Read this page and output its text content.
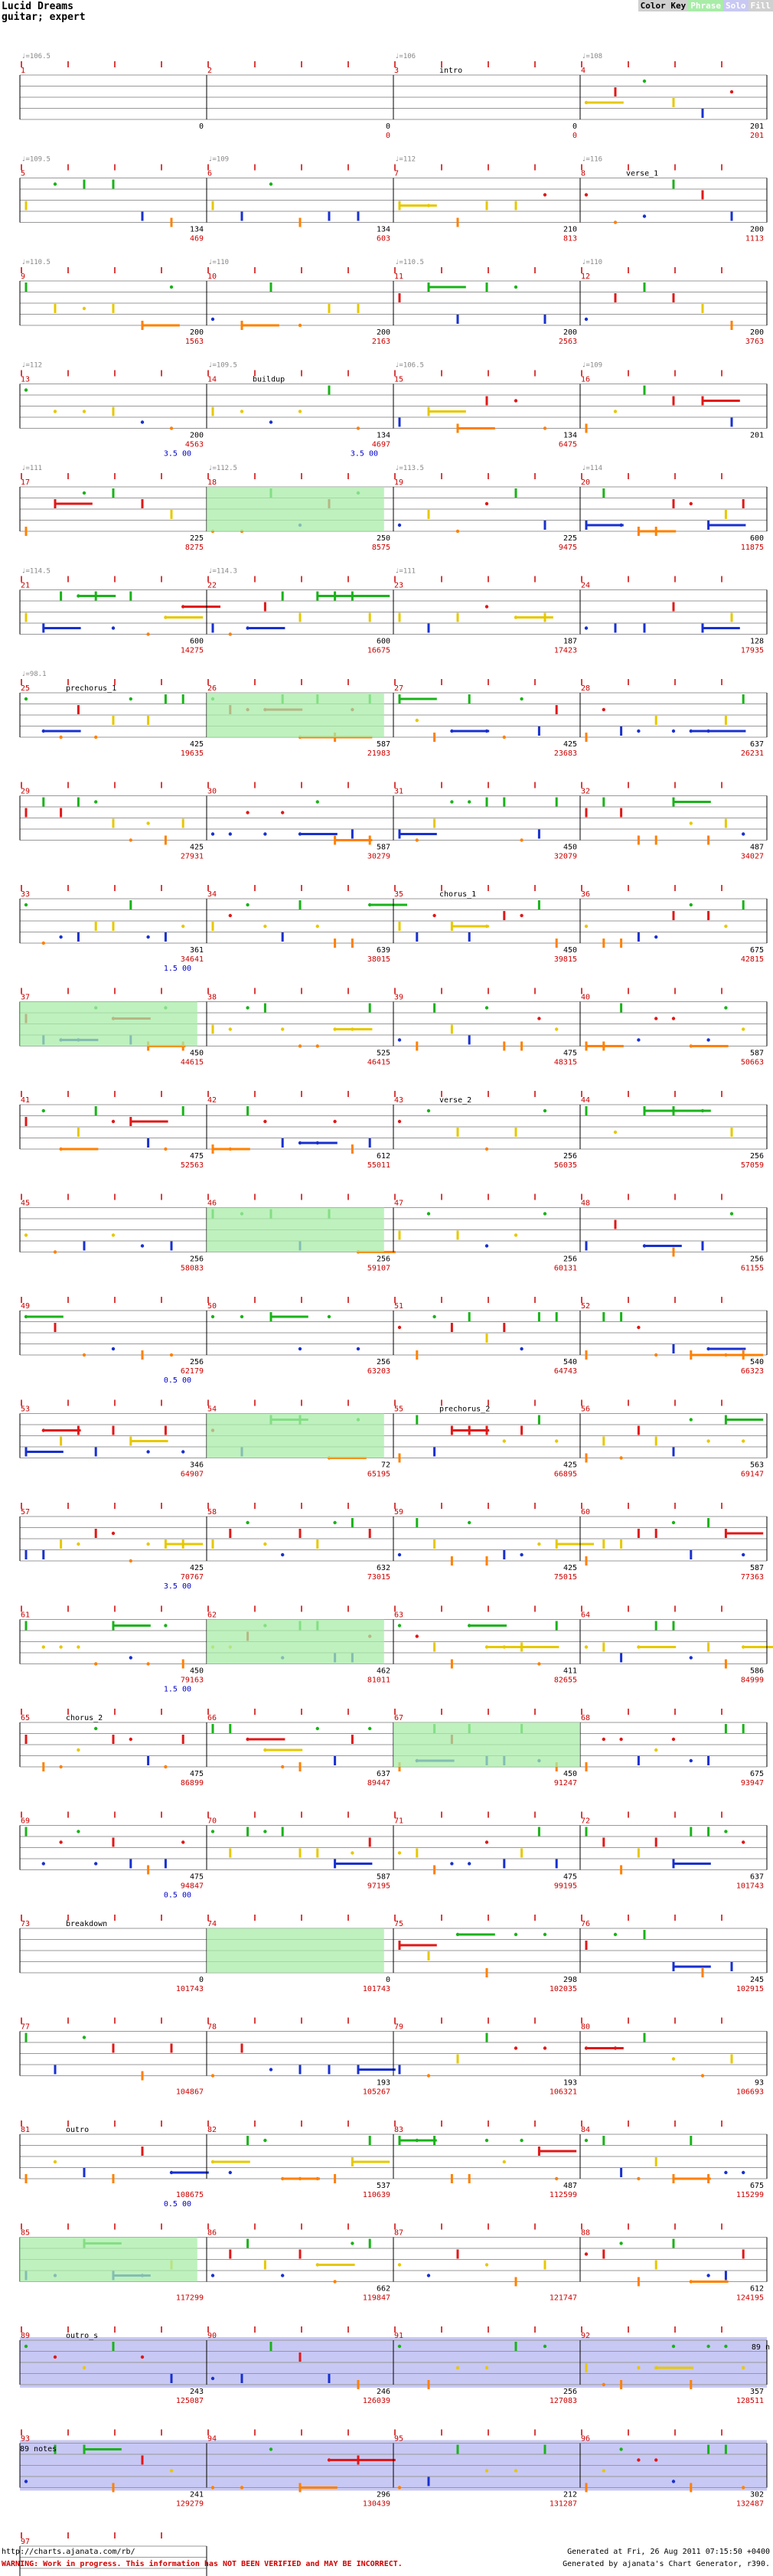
Lucid Dreams
guitar; expert
Color Key Phrase Solo Fill
1
♩=106.5
0
2
0
0
3
♩=106
0
0
4
♩=108
201
201
intro
5
♩=109.5
134
469
6
♩=109
134
603
7
♩=112
210
813
8
♩=116
200
1113
verse_1
9
♩=110.5
200
1563
10
♩=110
200
2163
11
♩=110.5
200
2563
12
♩=110
200
3763
13
♩=112
200
4563
14
♩=109.5
134
4697
15
♩=106.5
134
6475
16
♩=109
201
buildup
3.5 00	3.5 00
17
♩=111
225
8275
18
♩=112.5
250
8575
19
♩=113.5
225
9475
20
♩=114
600
11875
21
♩=114.5
600
14275
22
♩=114.3
600
16675
23
♩=111
187
17423
24
128
17935
25
♩=98.1
425
19635
26
587
21983
27
425
23683
28
637
26231
prechorus_1
29
425
27931
30
587
30279
31
450
32079
32
487
34027
33
361
34641
34
639
38015
35
450
39815
36
675
42815
chorus_1
1.5 00
37
450
44615
38
525
46415
39
475
48315
40
587
50663
41
475
52563
42
612
55011
43
256
56035
44
256
57059
verse_2
45
256
58083
46
256
59107
47
256
60131
48
256
61155
49
256
62179
50
256
63203
51
540
64743
52
540
66323
0.5 00
53
346
64907
54
72
65195
55
425
66895
56
563
69147
prechorus_2
57
425
70767
58
632
73015
59
425
75015
60
587
77363
3.5 00
61
450
79163
62
462
81011
63
411
82655
64
586
84999
1.5 00
65
475
86899
66
637
89447
67
450
91247
68
675
93947
chorus_2
69
475
94847
70
587
97195
71
475
99195
72
637
101743
0.5 00
73
0
101743
74
0
101743
75
298
102035
76
245
102915
breakdown
77
104867
78
193
105267
79
193
106321
80
93
106693
81
108675
82
537
110639
83
487
112599
84
675
115299
outro
0.5 00
85
117299
86
662
119847
87
121747
88
612
124195
89
243
125087
90
246
126039
91
256
127083
92
357
128511
outro_s
93
241
129279
94
296
130439
95
212
131287
96
302
132487
97
89 n
89 notes
http://charts.ajanata.com/rb/
WARNING: Work in progress. This information has NOT BEEN VERIFIED and MAY BE INCORRECT.
Generated at Fri, 26 Aug 2011 07:15:50 +0400
Generated by ajanata's Chart Generator, r390.
